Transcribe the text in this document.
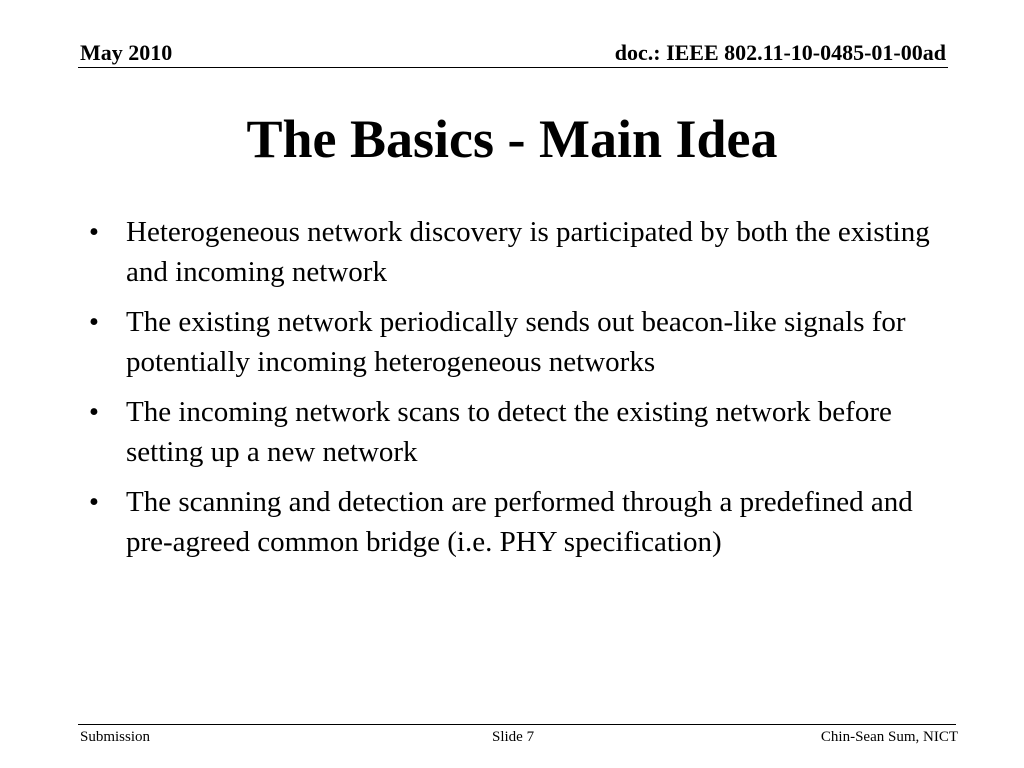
May 2010	doc.: IEEE 802.11-10-0485-01-00ad
The Basics - Main Idea
• Heterogeneous network discovery is participated by both the existing and incoming network
• The existing network periodically sends out beacon-like signals for potentially incoming heterogeneous networks
• The incoming network scans to detect the existing network before setting up a new network
• The scanning and detection are performed through a predefined and pre-agreed common bridge (i.e. PHY specification)
Submission	Slide 7	Chin-Sean Sum, NICT
